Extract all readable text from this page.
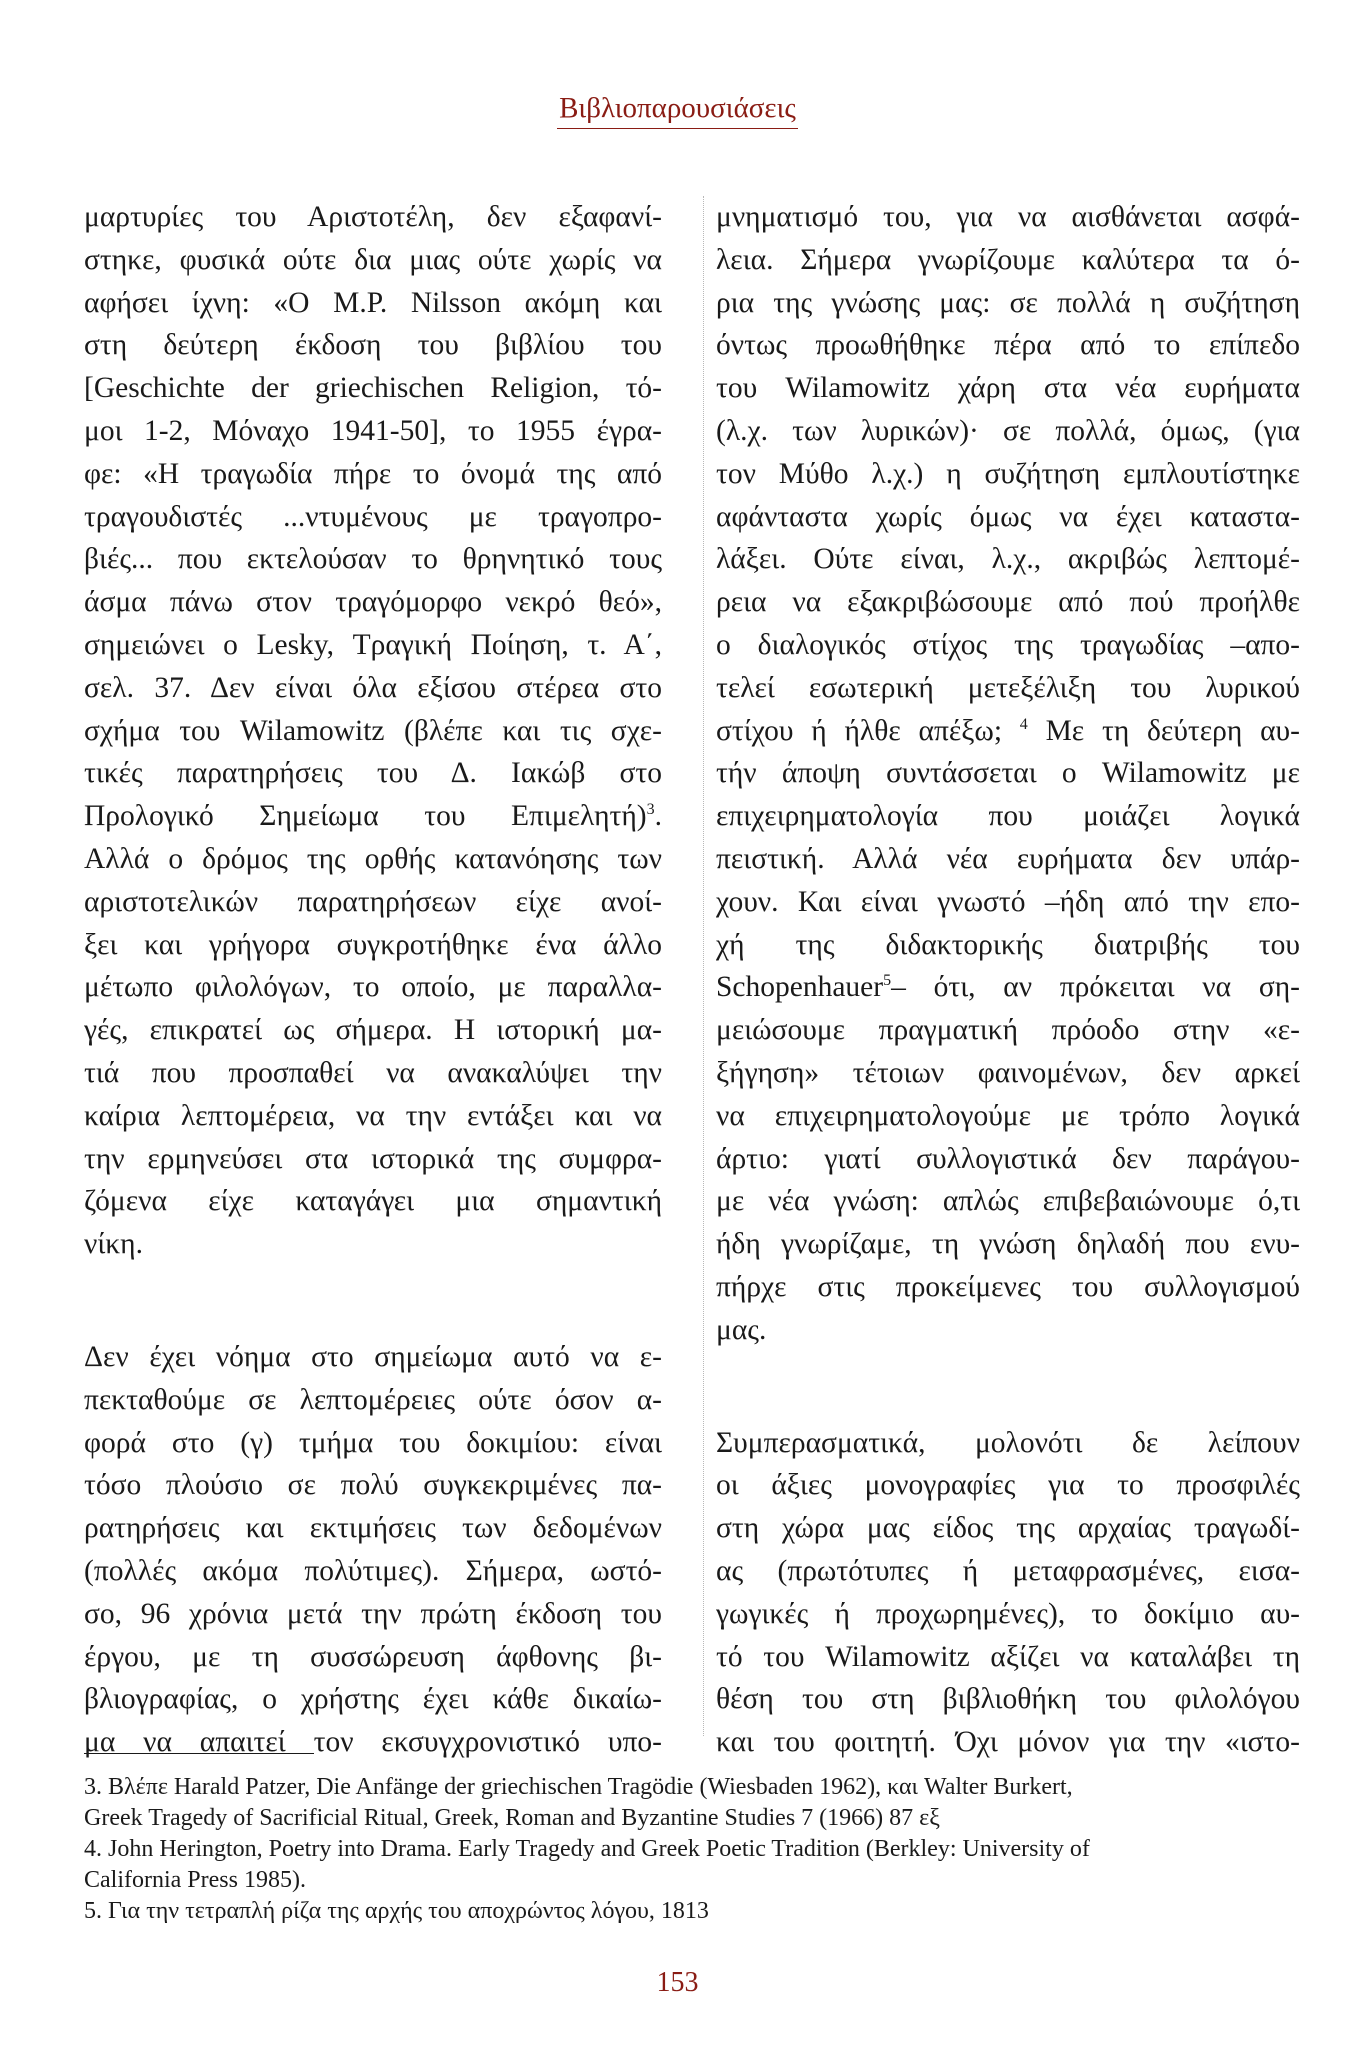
Βιβλιοπαρουσιάσεις

μαρτυρίες του Αριστοτέλη, δεν εξαφανί-
στηκε, φυσικά ούτε δια μιας ούτε χωρίς να
αφήσει ίχνη: «Ο M.P. Nilsson ακόμη και
στη δεύτερη έκδοση του βιβλίου του
[Geschichte der griechischen Religion, τό-
μοι 1-2, Μόναχο 1941-50], το 1955 έγρα-
φε: «Η τραγωδία πήρε το όνομά της από
τραγουδιστές ...ντυμένους με τραγοπρο-
βιές... που εκτελούσαν το θρηνητικό τους
άσμα πάνω στον τραγόμορφο νεκρό θεό»,
σημειώνει ο Lesky, Τραγική Ποίηση, τ. Α΄,
σελ. 37. Δεν είναι όλα εξίσου στέρεα στο
σχήμα του Wilamowitz (βλέπε και τις σχε-
τικές παρατηρήσεις του Δ. Ιακώβ στο
Προλογικό Σημείωμα του Επιμελητή)$^3$.
Αλλά ο δρόμος της ορθής κατανόησης των
αριστοτελικών παρατηρήσεων είχε ανοί-
ξει και γρήγορα συγκροτήθηκε ένα άλλο
μέτωπο φιλολόγων, το οποίο, με παραλλα-
γές, επικρατεί ως σήμερα. Η ιστορική μα-
τιά που προσπαθεί να ανακαλύψει την
καίρια λεπτομέρεια, να την εντάξει και να
την ερμηνεύσει στα ιστορικά της συμφρα-
ζόμενα είχε καταγάγει μια σημαντική
νίκη.

Δεν έχει νόημα στο σημείωμα αυτό να ε-
πεκταθούμε σε λεπτομέρειες ούτε όσον α-
φορά στο (γ) τμήμα του δοκιμίου: είναι
τόσο πλούσιο σε πολύ συγκεκριμένες πα-
ρατηρήσεις και εκτιμήσεις των δεδομένων
(πολλές ακόμα πολύτιμες). Σήμερα, ωστό-
σο, 96 χρόνια μετά την πρώτη έκδοση του
έργου, με τη συσσώρευση άφθονης βι-
βλιογραφίας, ο χρήστης έχει κάθε δικαίω-
μα να απαιτεί τον εκσυγχρονιστικό υπο-

μνηματισμό του, για να αισθάνεται ασφά-
λεια. Σήμερα γνωρίζουμε καλύτερα τα ό-
ρια της γνώσης μας: σε πολλά η συζήτηση
όντως προωθήθηκε πέρα από το επίπεδο
του Wilamowitz χάρη στα νέα ευρήματα
(λ.χ. των λυρικών)· σε πολλά, όμως, (για
τον Μύθο λ.χ.) η συζήτηση εμπλουτίστηκε
αφάνταστα χωρίς όμως να έχει καταστα-
λάξει. Ούτε είναι, λ.χ., ακριβώς λεπτομέ-
ρεια να εξακριβώσουμε από πού προήλθε
ο διαλογικός στίχος της τραγωδίας –απο-
τελεί εσωτερική μετεξέλιξη του λυρικού
στίχου ή ήλθε απέξω; $^4$ Με τη δεύτερη αυ-
τήν άποψη συντάσσεται ο Wilamowitz με
επιχειρηματολογία που μοιάζει λογικά
πειστική. Αλλά νέα ευρήματα δεν υπάρ-
χουν. Και είναι γνωστό –ήδη από την επο-
χή της διδακτορικής διατριβής του
Schopenhauer$^5$– ότι, αν πρόκειται να ση-
μειώσουμε πραγματική πρόοδο στην «ε-
ξήγηση» τέτοιων φαινομένων, δεν αρκεί
να επιχειρηματολογούμε με τρόπο λογικά
άρτιο: γιατί συλλογιστικά δεν παράγου-
με νέα γνώση: απλώς επιβεβαιώνουμε ό,τι
ήδη γνωρίζαμε, τη γνώση δηλαδή που ενυ-
πήρχε στις προκείμενες του συλλογισμού
μας.

Συμπερασματικά, μολονότι δε λείπουν
οι άξιες μονογραφίες για το προσφιλές
στη χώρα μας είδος της αρχαίας τραγωδί-
ας (πρωτότυπες ή μεταφρασμένες, εισα-
γωγικές ή προχωρημένες), το δοκίμιο αυ-
τό του Wilamowitz αξίζει να καταλάβει τη
θέση του στη βιβλιοθήκη του φιλολόγου
και του φοιτητή. Όχι μόνον για την «ιστο-

3. Βλέπε Harald Patzer, Die Anfänge der griechischen Tragödie (Wiesbaden 1962), και Walter Burkert,
Greek Tragedy of Sacrificial Ritual, Greek, Roman and Byzantine Studies 7 (1966) 87 εξ
4. John Herington, Poetry into Drama. Early Tragedy and Greek Poetic Tradition (Berkley: University of
California Press 1985).
5. Για την τετραπλή ρίζα της αρχής του αποχρώντος λόγου, 1813
153
